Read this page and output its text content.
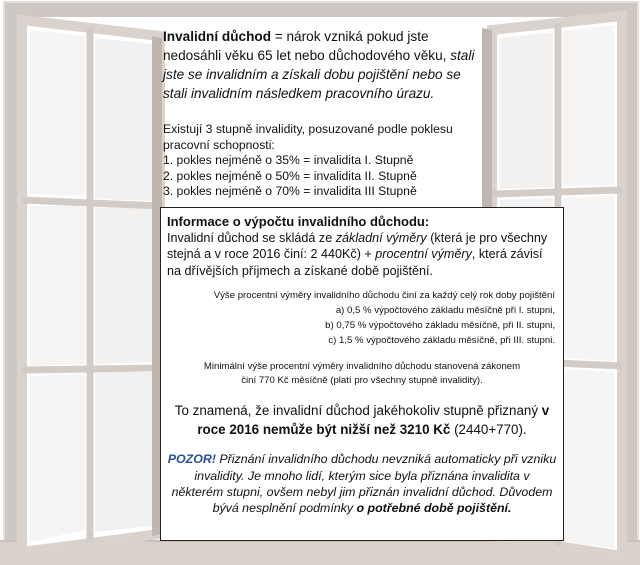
Invalidní důchod = nárok vzniká pokud jste nedosáhli věku 65 let nebo důchodového věku, stali jste se invalidním a získali dobu pojištění nebo se stali invalidním následkem pracovního úrazu.

Existují 3 stupně invalidity, posuzované podle poklesu
pracovní schopnosti:
1. pokles nejméně o 35% = invalidita I. Stupně
2. pokles nejméně o 50% = invalidita II. Stupně
3. pokles nejméně o 70% = invalidita III Stupně
Informace o výpočtu invalidního důchodu:
Invalidní důchod se skládá ze základní výměry (která je pro všechny stejná a v roce 2016 činí: 2 440Kč) + procentní výměry, která závisí na dřívějších příjmech a získané době pojištění.
Výše procentní výměry invalidního důchodu činí za každý celý rok doby pojištění
a) 0,5 % výpočtového základu měsíčně při I. stupni,
b) 0,75 % výpočtového základu měsíčně, při II. stupni,
c) 1,5 % výpočtového základu měsíčně, při III. stupni.
Minimální výše procentní výměry invalidního důchodu stanovená zákonem
činí 770 Kč měsíčně (platí pro všechny stupně invalidity).
To znamená, že invalidní důchod jakéhokoliv stupně přiznaný v roce 2016 nemůže být nižší než 3210 Kč (2440+770).
POZOR! Přiznání invalidního důchodu nevzniká automaticky při vzniku invalidity. Je mnoho lidí, kterým sice byla přiznána invalidita v některém stupni, ovšem nebyl jim přiznán invalidní důchod. Důvodem bývá nesplnění podmínky o potřebné době pojištění.
